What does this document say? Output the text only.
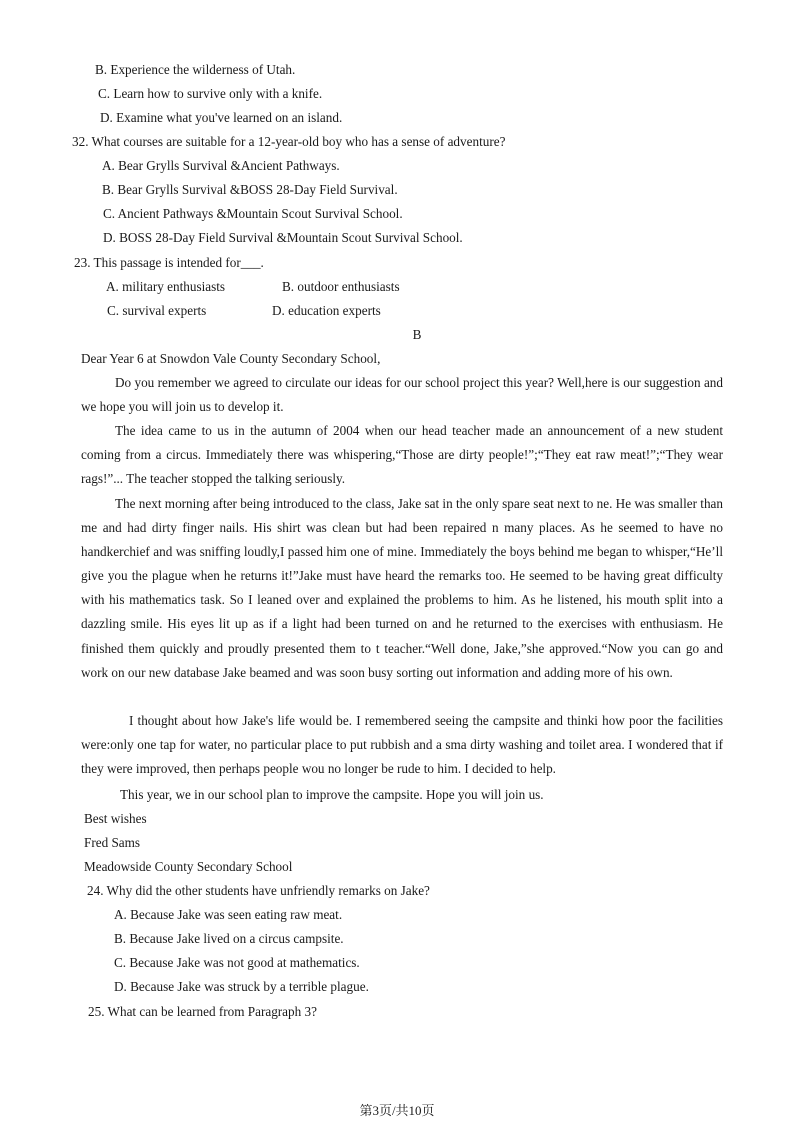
B. Experience the wilderness of Utah.
C. Learn how to survive only with a knife.
D. Examine what you've learned on an island.
32. What courses are suitable for a 12-year-old boy who has a sense of adventure?
A. Bear Grylls Survival &Ancient Pathways.
B. Bear Grylls Survival &BOSS 28-Day Field Survival.
C. Ancient Pathways &Mountain Scout Survival School.
D. BOSS 28-Day Field Survival &Mountain Scout Survival School.
23. This passage is intended for___.
A. military enthusiasts	B. outdoor enthusiasts
C. survival experts	D. education experts
B
Dear Year 6 at Snowdon Vale County Secondary School,
Do you remember we agreed to circulate our ideas for our school project this year? Well,here is our suggestion and we hope you will join us to develop it.
The idea came to us in the autumn of 2004 when our head teacher made an announcement of a new student coming from a circus. Immediately there was whispering,“Those are dirty people!”;“They eat raw meat!”;“They wear rags!”... The teacher stopped the talking seriously.
The next morning after being introduced to the class, Jake sat in the only spare seat next to ne. He was smaller than me and had dirty finger nails. His shirt was clean but had been repaired n many places. As he seemed to have no handkerchief and was sniffing loudly,I passed him one of mine. Immediately the boys behind me began to whisper,“He’ll give you the plague when he returns it!”Jake must have heard the remarks too. He seemed to be having great difficulty with his mathematics task. So I leaned over and explained the problems to him. As he listened, his mouth split into a dazzling smile. His eyes lit up as if a light had been turned on and he returned to the exercises with enthusiasm. He finished them quickly and proudly presented them to t teacher.“Well done, Jake,”she approved.“Now you can go and work on our new database Jake beamed and was soon busy sorting out information and adding more of his own.
I thought about how Jake's life would be. I remembered seeing the campsite and thinki how poor the facilities were:only one tap for water, no particular place to put rubbish and a sma dirty washing and toilet area. I wondered that if they were improved, then perhaps people wou no longer be rude to him. I decided to help.
This year, we in our school plan to improve the campsite. Hope you will join us.
Best wishes
Fred Sams
Meadowside County Secondary School
24. Why did the other students have unfriendly remarks on Jake?
A. Because Jake was seen eating raw meat.
B. Because Jake lived on a circus campsite.
C. Because Jake was not good at mathematics.
D. Because Jake was struck by a terrible plague.
25. What can be learned from Paragraph 3?
第3页/共10页
